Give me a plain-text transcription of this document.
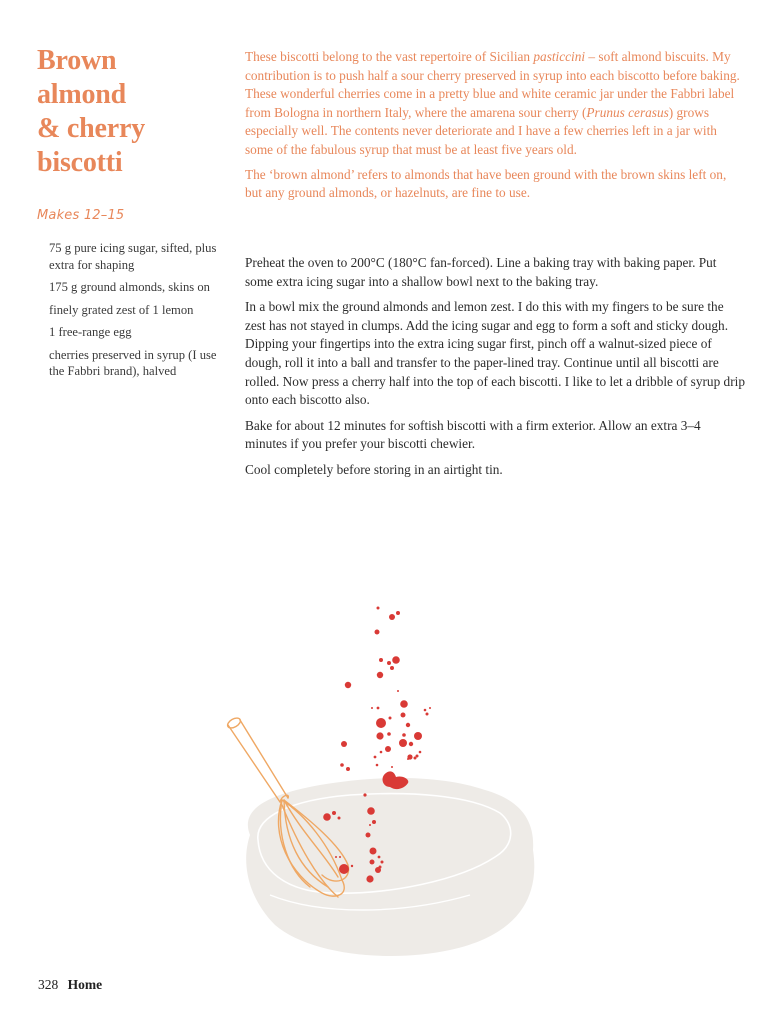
Brown
almond
& cherry
biscotti
Makes 12–15
75 g pure icing sugar, sifted, plus extra for shaping
175 g ground almonds, skins on
finely grated zest of 1 lemon
1 free-range egg
cherries preserved in syrup (I use the Fabbri brand), halved

These biscotti belong to the vast repertoire of Sicilian pasticcini – soft almond biscuits. My contribution is to push half a sour cherry preserved in syrup into each biscotto before baking. These wonderful cherries come in a pretty blue and white ceramic jar under the Fabbri label from Bologna in northern Italy, where the amarena sour cherry (Prunus cerasus) grows especially well. The contents never deteriorate and I have a few cherries left in a jar with some of the fabulous syrup that must be at least five years old.

The ‘brown almond’ refers to almonds that have been ground with the brown skins left on, but any ground almonds, or hazelnuts, are fine to use.

Preheat the oven to 200°C (180°C fan-forced). Line a baking tray with baking paper. Put some extra icing sugar into a shallow bowl next to the baking tray.

In a bowl mix the ground almonds and lemon zest. I do this with my fingers to be sure the zest has not stayed in clumps. Add the icing sugar and egg to form a soft and sticky dough. Dipping your fingertips into the extra icing sugar first, pinch off a walnut-sized piece of dough, roll it into a ball and transfer to the paper-lined tray. Continue until all biscotti are rolled. Now press a cherry half into the top of each biscotti. I like to let a dribble of syrup drip onto each biscotto also.

Bake for about 12 minutes for softish biscotti with a firm exterior. Allow an extra 3–4 minutes if you prefer your biscotti chewier.

Cool completely before storing in an airtight tin.

328 Home
